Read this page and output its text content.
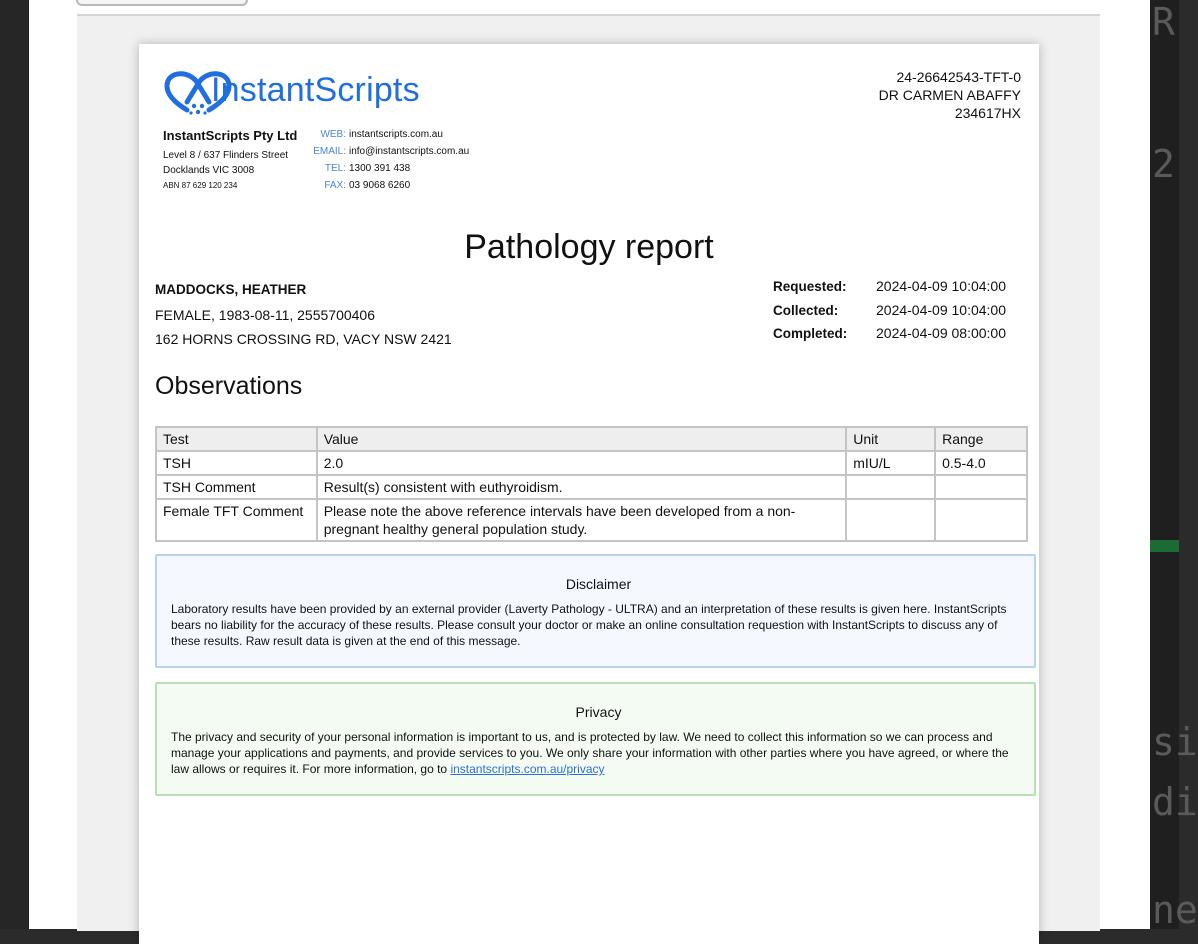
R
2
si
di
ne
InstantScripts
InstantScripts Pty Ltd
Level 8 / 637 Flinders Street
Docklands VIC 3008
ABN 87 629 120 234
WEB: instantscripts.com.au
EMAIL: info@instantscripts.com.au
TEL: 1300 391 438
FAX: 03 9068 6260
24-26642543-TFT-0
DR CARMEN ABAFFY
234617HX
Pathology report
MADDOCKS, HEATHER
FEMALE, 1983-08-11, 2555700406
162 HORNS CROSSING RD, VACY NSW 2421
Requested: 2024-04-09 10:04:00
Collected:	2024-04-09 10:04:00
Completed: 2024-04-09 08:00:00
Observations
Test	Value	Unit	Range
TSH	2.0	mIU/L	0.5-4.0
TSH Comment	Result(s) consistent with euthyroidism.		
Female TFT Comment	Please note the above reference intervals have been developed from a non-pregnant healthy general population study.		
Disclaimer
Laboratory results have been provided by an external provider (Laverty Pathology - ULTRA) and an interpretation of these results is given here. InstantScripts bears no liability for the accuracy of these results. Please consult your doctor or make an online consultation requestion with InstantScripts to discuss any of these results. Raw result data is given at the end of this message.
Privacy
The privacy and security of your personal information is important to us, and is protected by law. We need to collect this information so we can process and manage your applications and payments, and provide services to you. We only share your information with other parties where you have agreed, or where the law allows or requires it. For more information, go to instantscripts.com.au/privacy
